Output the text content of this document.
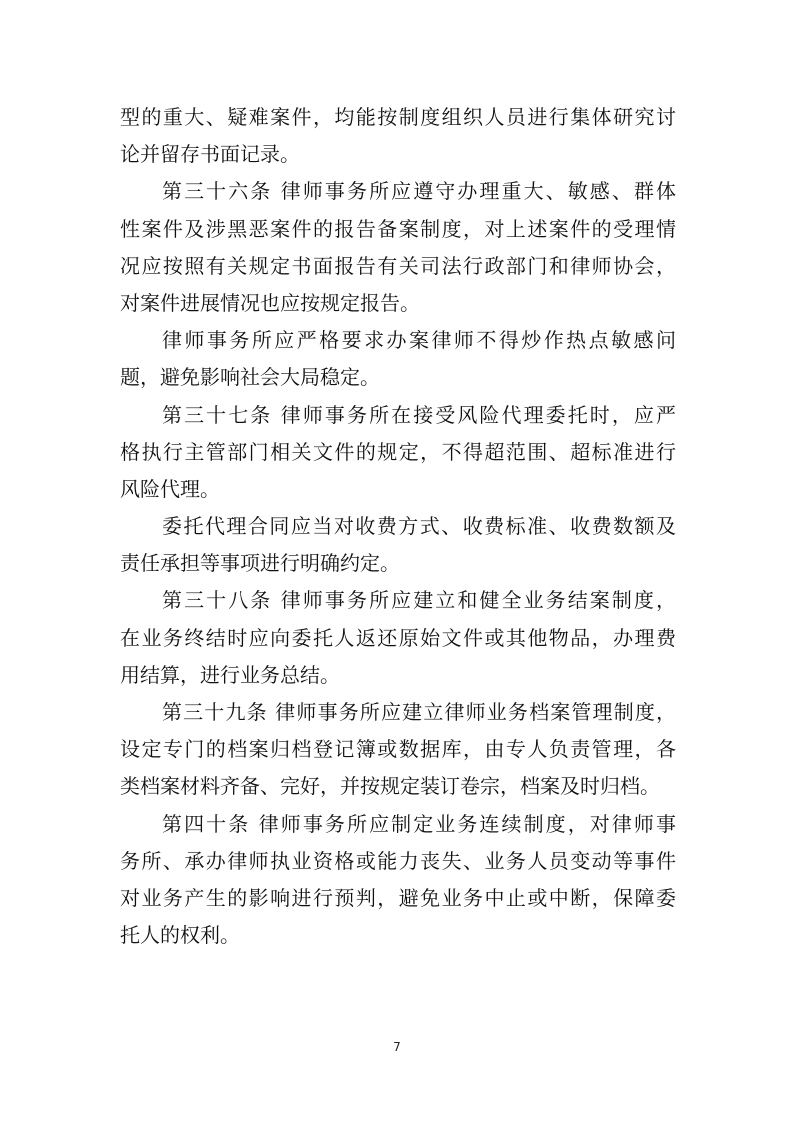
型的重大、疑难案件，均能按制度组织人员进行集体研究讨
论并留存书面记录。
第三十六条 律师事务所应遵守办理重大、敏感、群体
性案件及涉黑恶案件的报告备案制度，对上述案件的受理情
况应按照有关规定书面报告有关司法行政部门和律师协会，
对案件进展情况也应按规定报告。
律师事务所应严格要求办案律师不得炒作热点敏感问
题，避免影响社会大局稳定。
第三十七条 律师事务所在接受风险代理委托时，应严
格执行主管部门相关文件的规定，不得超范围、超标准进行
风险代理。
委托代理合同应当对收费方式、收费标准、收费数额及
责任承担等事项进行明确约定。
第三十八条 律师事务所应建立和健全业务结案制度，
在业务终结时应向委托人返还原始文件或其他物品，办理费
用结算，进行业务总结。
第三十九条 律师事务所应建立律师业务档案管理制度，
设定专门的档案归档登记簿或数据库，由专人负责管理，各
类档案材料齐备、完好，并按规定装订卷宗，档案及时归档。
第四十条 律师事务所应制定业务连续制度，对律师事
务所、承办律师执业资格或能力丧失、业务人员变动等事件
对业务产生的影响进行预判，避免业务中止或中断，保障委
托人的权利。
7
